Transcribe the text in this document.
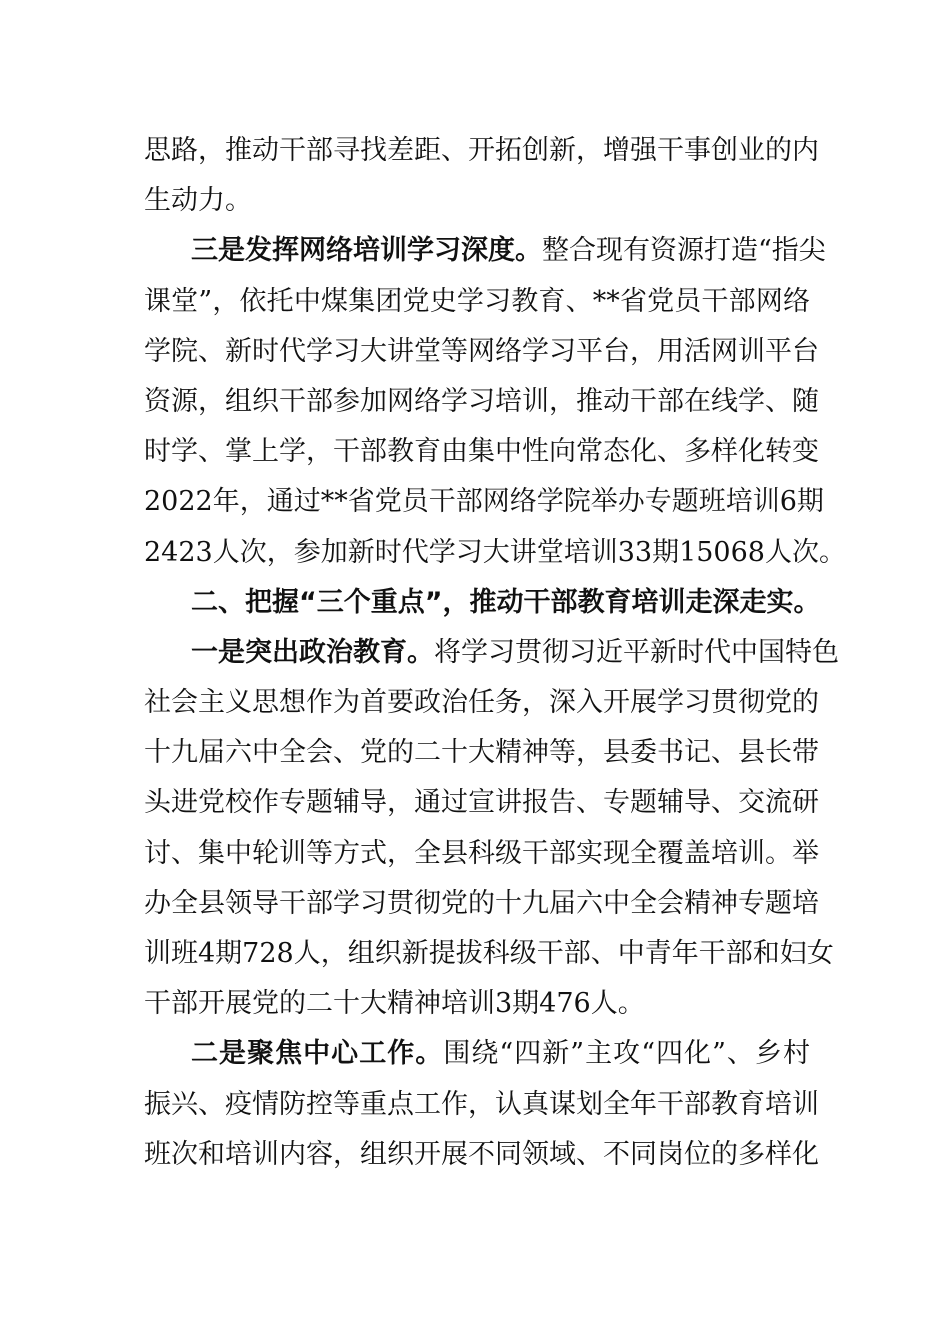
思路，推动干部寻找差距、开拓创新，增强干事创业的内
生动力。
三是发挥网络培训学习深度。整合现有资源打造“指尖
课堂”，依托中煤集团党史学习教育、**省党员干部网络
学院、新时代学习大讲堂等网络学习平台，用活网训平台
资源，组织干部参加网络学习培训，推动干部在线学、随
时学、掌上学，干部教育由集中性向常态化、多样化转变
2022年，通过**省党员干部网络学院举办专题班培训6期
2423人次，参加新时代学习大讲堂培训33期15068人次。
二、把握“三个重点”，推动干部教育培训走深走实。
一是突出政治教育。将学习贯彻习近平新时代中国特色
社会主义思想作为首要政治任务，深入开展学习贯彻党的
十九届六中全会、党的二十大精神等，县委书记、县长带
头进党校作专题辅导，通过宣讲报告、专题辅导、交流研
讨、集中轮训等方式，全县科级干部实现全覆盖培训。举
办全县领导干部学习贯彻党的十九届六中全会精神专题培
训班4期728人，组织新提拔科级干部、中青年干部和妇女
干部开展党的二十大精神培训3期476人。
二是聚焦中心工作。围绕“四新”主攻“四化”、乡村
振兴、疫情防控等重点工作，认真谋划全年干部教育培训
班次和培训内容，组织开展不同领域、不同岗位的多样化
